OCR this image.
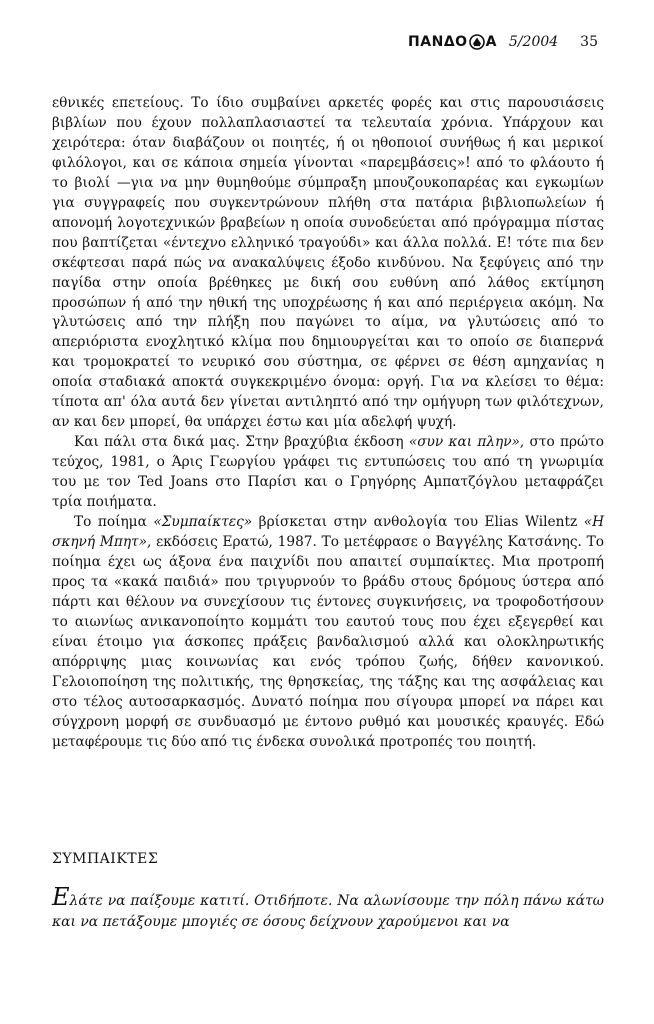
ΠΑΝΔΟ Α 5/2004 35

εθνικές επετείους. Το ίδιο συμβαίνει αρκετές φορές και στις παρουσιάσεις βιβλίων που έχουν πολλαπλασιαστεί τα τελευταία χρόνια. Υπάρχουν και χειρότερα: όταν διαβάζουν οι ποιητές, ή οι ηθοποιοί συνήθως ή και μερικοί φιλόλογοι, και σε κάποια σημεία γίνονται «παρεμβάσεις»! από το φλάουτο ή το βιολί —για να μην θυμηθούμε σύμπραξη μπουζουκοπαρέας και εγκωμίων για συγγραφείς που συγκεντρώνουν πλήθη στα πατάρια βιβλιοπωλείων ή απονομή λογοτεχνικών βραβείων η οποία συνοδεύεται από πρόγραμμα πίστας που βαπτίζεται «έντεχνο ελληνικό τραγούδι» και άλλα πολλά. Ε! τότε πια δεν σκέφτεσαι παρά πώς να ανακαλύψεις έξοδο κινδύνου. Να ξεφύγεις από την παγίδα στην οποία βρέθηκες με δική σου ευθύνη από λάθος εκτίμηση προσώπων ή από την ηθική της υποχρέωσης ή και από περιέργεια ακόμη. Να γλυτώσεις από την πλήξη που παγώνει το αίμα, να γλυτώσεις από το απεριόριστα ενοχλητικό κλίμα που δημιουργείται και το οποίο σε διαπερνά και τρομοκρατεί το νευρικό σου σύστημα, σε φέρνει σε θέση αμηχανίας η οποία σταδιακά αποκτά συγκεκριμένο όνομα: οργή. Για να κλείσει το θέμα: τίποτα απ' όλα αυτά δεν γίνεται αντιληπτό από την ομήγυρη των φιλότεχνων, αν και δεν μπορεί, θα υπάρχει έστω και μία αδελφή ψυχή.

Και πάλι στα δικά μας. Στην βραχύβια έκδοση «συν και πλην», στο πρώτο τεύχος, 1981, ο Άρις Γεωργίου γράφει τις εντυπώσεις του από τη γνωριμία του με τον Ted Joans στο Παρίσι και ο Γρηγόρης Αμπατζόγλου μεταφράζει τρία ποιήματα.

Το ποίημα «Συμπαίκτες» βρίσκεται στην ανθολογία του Elias Wilentz «Η σκηνή Μπητ», εκδόσεις Ερατώ, 1987. Το μετέφρασε ο Βαγγέλης Κατσάνης. Το ποίημα έχει ως άξονα ένα παιχνίδι που απαιτεί συμπαίκτες. Μια προτροπή προς τα «κακά παιδιά» που τριγυρνούν το βράδυ στους δρόμους ύστερα από πάρτι και θέλουν να συνεχίσουν τις έντονες συγκινήσεις, να τροφοδοτήσουν το αιωνίως ανικανοποίητο κομμάτι του εαυτού τους που έχει εξεγερθεί και είναι έτοιμο για άσκοπες πράξεις βανδαλισμού αλλά και ολοκληρωτικής απόρριψης μιας κοινωνίας και ενός τρόπου ζωής, δήθεν κανονικού. Γελοιοποίηση της πολιτικής, της θρησκείας, της τάξης και της ασφάλειας και στο τέλος αυτοσαρκασμός. Δυνατό ποίημα που σίγουρα μπορεί να πάρει και σύγχρονη μορφή σε συνδυασμό με έντονο ρυθμό και μουσικές κραυγές. Εδώ μεταφέρουμε τις δύο από τις ένδεκα συνολικά προτροπές του ποιητή.

ΣΥΜΠΑΙΚΤΕΣ
Ελάτε να παίξουμε κατιτί. Οτιδήποτε. Να αλωνίσουμε την πόλη πάνω κάτω και να πετάξουμε μπογιές σε όσους δείχνουν χαρούμενοι και να
